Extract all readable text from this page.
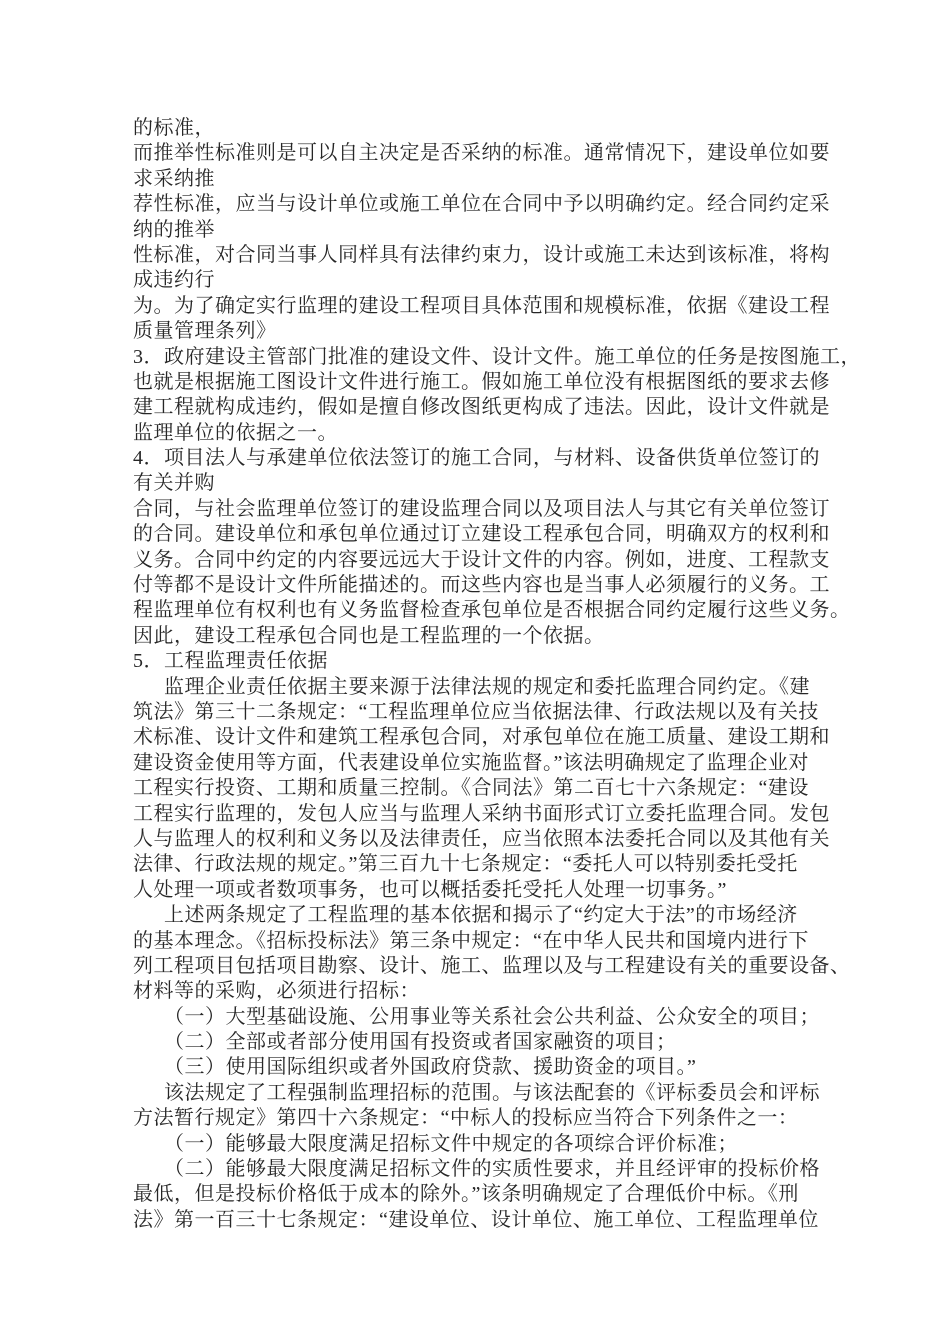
的标准，
而推举性标准则是可以自主决定是否采纳的标准。通常情况下，建设单位如要
求采纳推
荐性标准，应当与设计单位或施工单位在合同中予以明确约定。经合同约定采
纳的推举
性标准，对合同当事人同样具有法律约束力，设计或施工未达到该标准，将构
成违约行
为。为了确定实行监理的建设工程项目具体范围和规模标准，依据《建设工程
质量管理条列》
3．政府建设主管部门批准的建设文件、设计文件。施工单位的任务是按图施工，
也就是根据施工图设计文件进行施工。假如施工单位没有根据图纸的要求去修
建工程就构成违约，假如是擅自修改图纸更构成了违法。因此，设计文件就是
监理单位的依据之一。
4．项目法人与承建单位依法签订的施工合同，与材料、设备供货单位签订的
有关并购
合同，与社会监理单位签订的建设监理合同以及项目法人与其它有关单位签订
的合同。建设单位和承包单位通过订立建设工程承包合同，明确双方的权利和
义务。合同中约定的内容要远远大于设计文件的内容。例如，进度、工程款支
付等都不是设计文件所能描述的。而这些内容也是当事人必须履行的义务。工
程监理单位有权利也有义务监督检查承包单位是否根据合同约定履行这些义务。
因此，建设工程承包合同也是工程监理的一个依据。
5．工程监理责任依据
监理企业责任依据主要来源于法律法规的规定和委托监理合同约定。《建
筑法》第三十二条规定：“工程监理单位应当依据法律、行政法规以及有关技
术标准、设计文件和建筑工程承包合同，对承包单位在施工质量、建设工期和
建设资金使用等方面，代表建设单位实施监督。”该法明确规定了监理企业对
工程实行投资、工期和质量三控制。《合同法》第二百七十六条规定：“建设
工程实行监理的，发包人应当与监理人采纳书面形式订立委托监理合同。发包
人与监理人的权利和义务以及法律责任，应当依照本法委托合同以及其他有关
法律、行政法规的规定。”第三百九十七条规定：“委托人可以特别委托受托
人处理一项或者数项事务，也可以概括委托受托人处理一切事务。”
上述两条规定了工程监理的基本依据和揭示了“约定大于法”的市场经济
的基本理念。《招标投标法》第三条中规定：“在中华人民共和国境内进行下
列工程项目包括项目勘察、设计、施工、监理以及与工程建设有关的重要设备、
材料等的采购，必须进行招标：
（一）大型基础设施、公用事业等关系社会公共利益、公众安全的项目；
（二）全部或者部分使用国有投资或者国家融资的项目；
（三）使用国际组织或者外国政府贷款、援助资金的项目。”
该法规定了工程强制监理招标的范围。与该法配套的《评标委员会和评标
方法暂行规定》第四十六条规定：“中标人的投标应当符合下列条件之一：
（一）能够最大限度满足招标文件中规定的各项综合评价标准；
（二）能够最大限度满足招标文件的实质性要求，并且经评审的投标价格
最低，但是投标价格低于成本的除外。”该条明确规定了合理低价中标。《刑
法》第一百三十七条规定：“建设单位、设计单位、施工单位、工程监理单位
